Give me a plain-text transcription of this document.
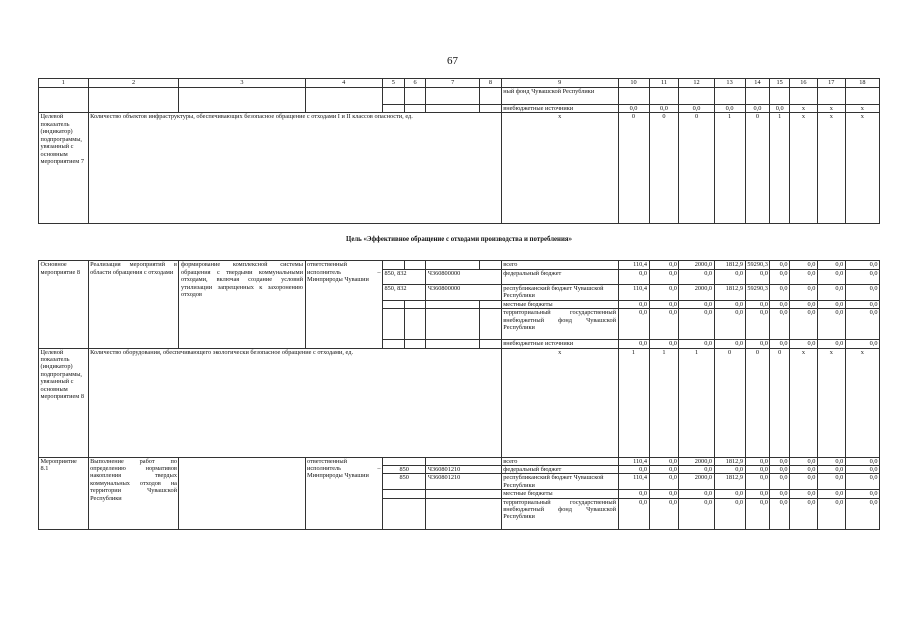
67
1	2	3	4	5	6	7	8	9	10	11	12	13	14	15	16	17	18
								ный фонд Чувашской Республики									
								внебюджетные источники	0,0	0,0	0,0	0,0	0,0	0,0	x	x	x
Целевой показатель (индикатор) подпрограммы, увязанный с основным мероприятием 7	Количество объектов инфраструктуры, обеспечивающих безопасное обращение с отходами I и II классов опасности, ед.							x	0	0	0	1	0	1	x	x	x
Цель «Эффективное обращение с отходами производства и потребления»																	
Основное мероприятие 8	Реализация мероприятий в области обращения с отходами	формирование комплексной системы обращения с твердыми коммунальными отходами, включая создание условий утилизации запрещенных к захоронению отходов	ответственный исполнитель – Минприроды Чувашии					всего	110,4	0,0	2000,0	1812,9	59290,3	0,0	0,0	0,0	0,0
				850, 832		Ч360800000		федеральный бюджет	0,0	0,0	0,0	0,0	0,0	0,0	0,0	0,0	0,0
				850, 832		Ч360800000		республиканский бюджет Чувашской Республики	110,4	0,0	2000,0	1812,9	59290,3	0,0	0,0	0,0	0,0
								местные бюджеты	0,0	0,0	0,0	0,0	0,0	0,0	0,0	0,0	0,0
								территориальный государственный внебюджетный фонд Чувашской Республики	0,0	0,0	0,0	0,0	0,0	0,0	0,0	0,0	0,0
								внебюджетные источники	0,0	0,0	0,0	0,0	0,0	0,0	0,0	0,0	0,0
Целевой показатель (индикатор) подпрограммы, увязанный с основным мероприятием 8	Количество оборудования, обеспечивающего экологически безопасное обращение с отходами, ед.							x	1	1	1	0	0	0	x	x	x
Мероприятие 8.1	Выполнение работ по определению нормативов накопления твердых коммунальных отходов на территории Чувашской Республики		ответственный исполнитель – Минприроды Чувашии					всего	110,4	0,0	2000,0	1812,9	0,0	0,0	0,0	0,0	0,0
				850		Ч360801210		федеральный бюджет	0,0	0,0	0,0	0,0	0,0	0,0	0,0	0,0	0,0
				850		Ч360801210		республиканский бюджет Чувашской Республики	110,4	0,0	2000,0	1812,9	0,0	0,0	0,0	0,0	0,0
								местные бюджеты	0,0	0,0	0,0	0,0	0,0	0,0	0,0	0,0	0,0
								территориальный государственный внебюджетный фонд Чувашской Республики	0,0	0,0	0,0	0,0	0,0	0,0	0,0	0,0	0,0
